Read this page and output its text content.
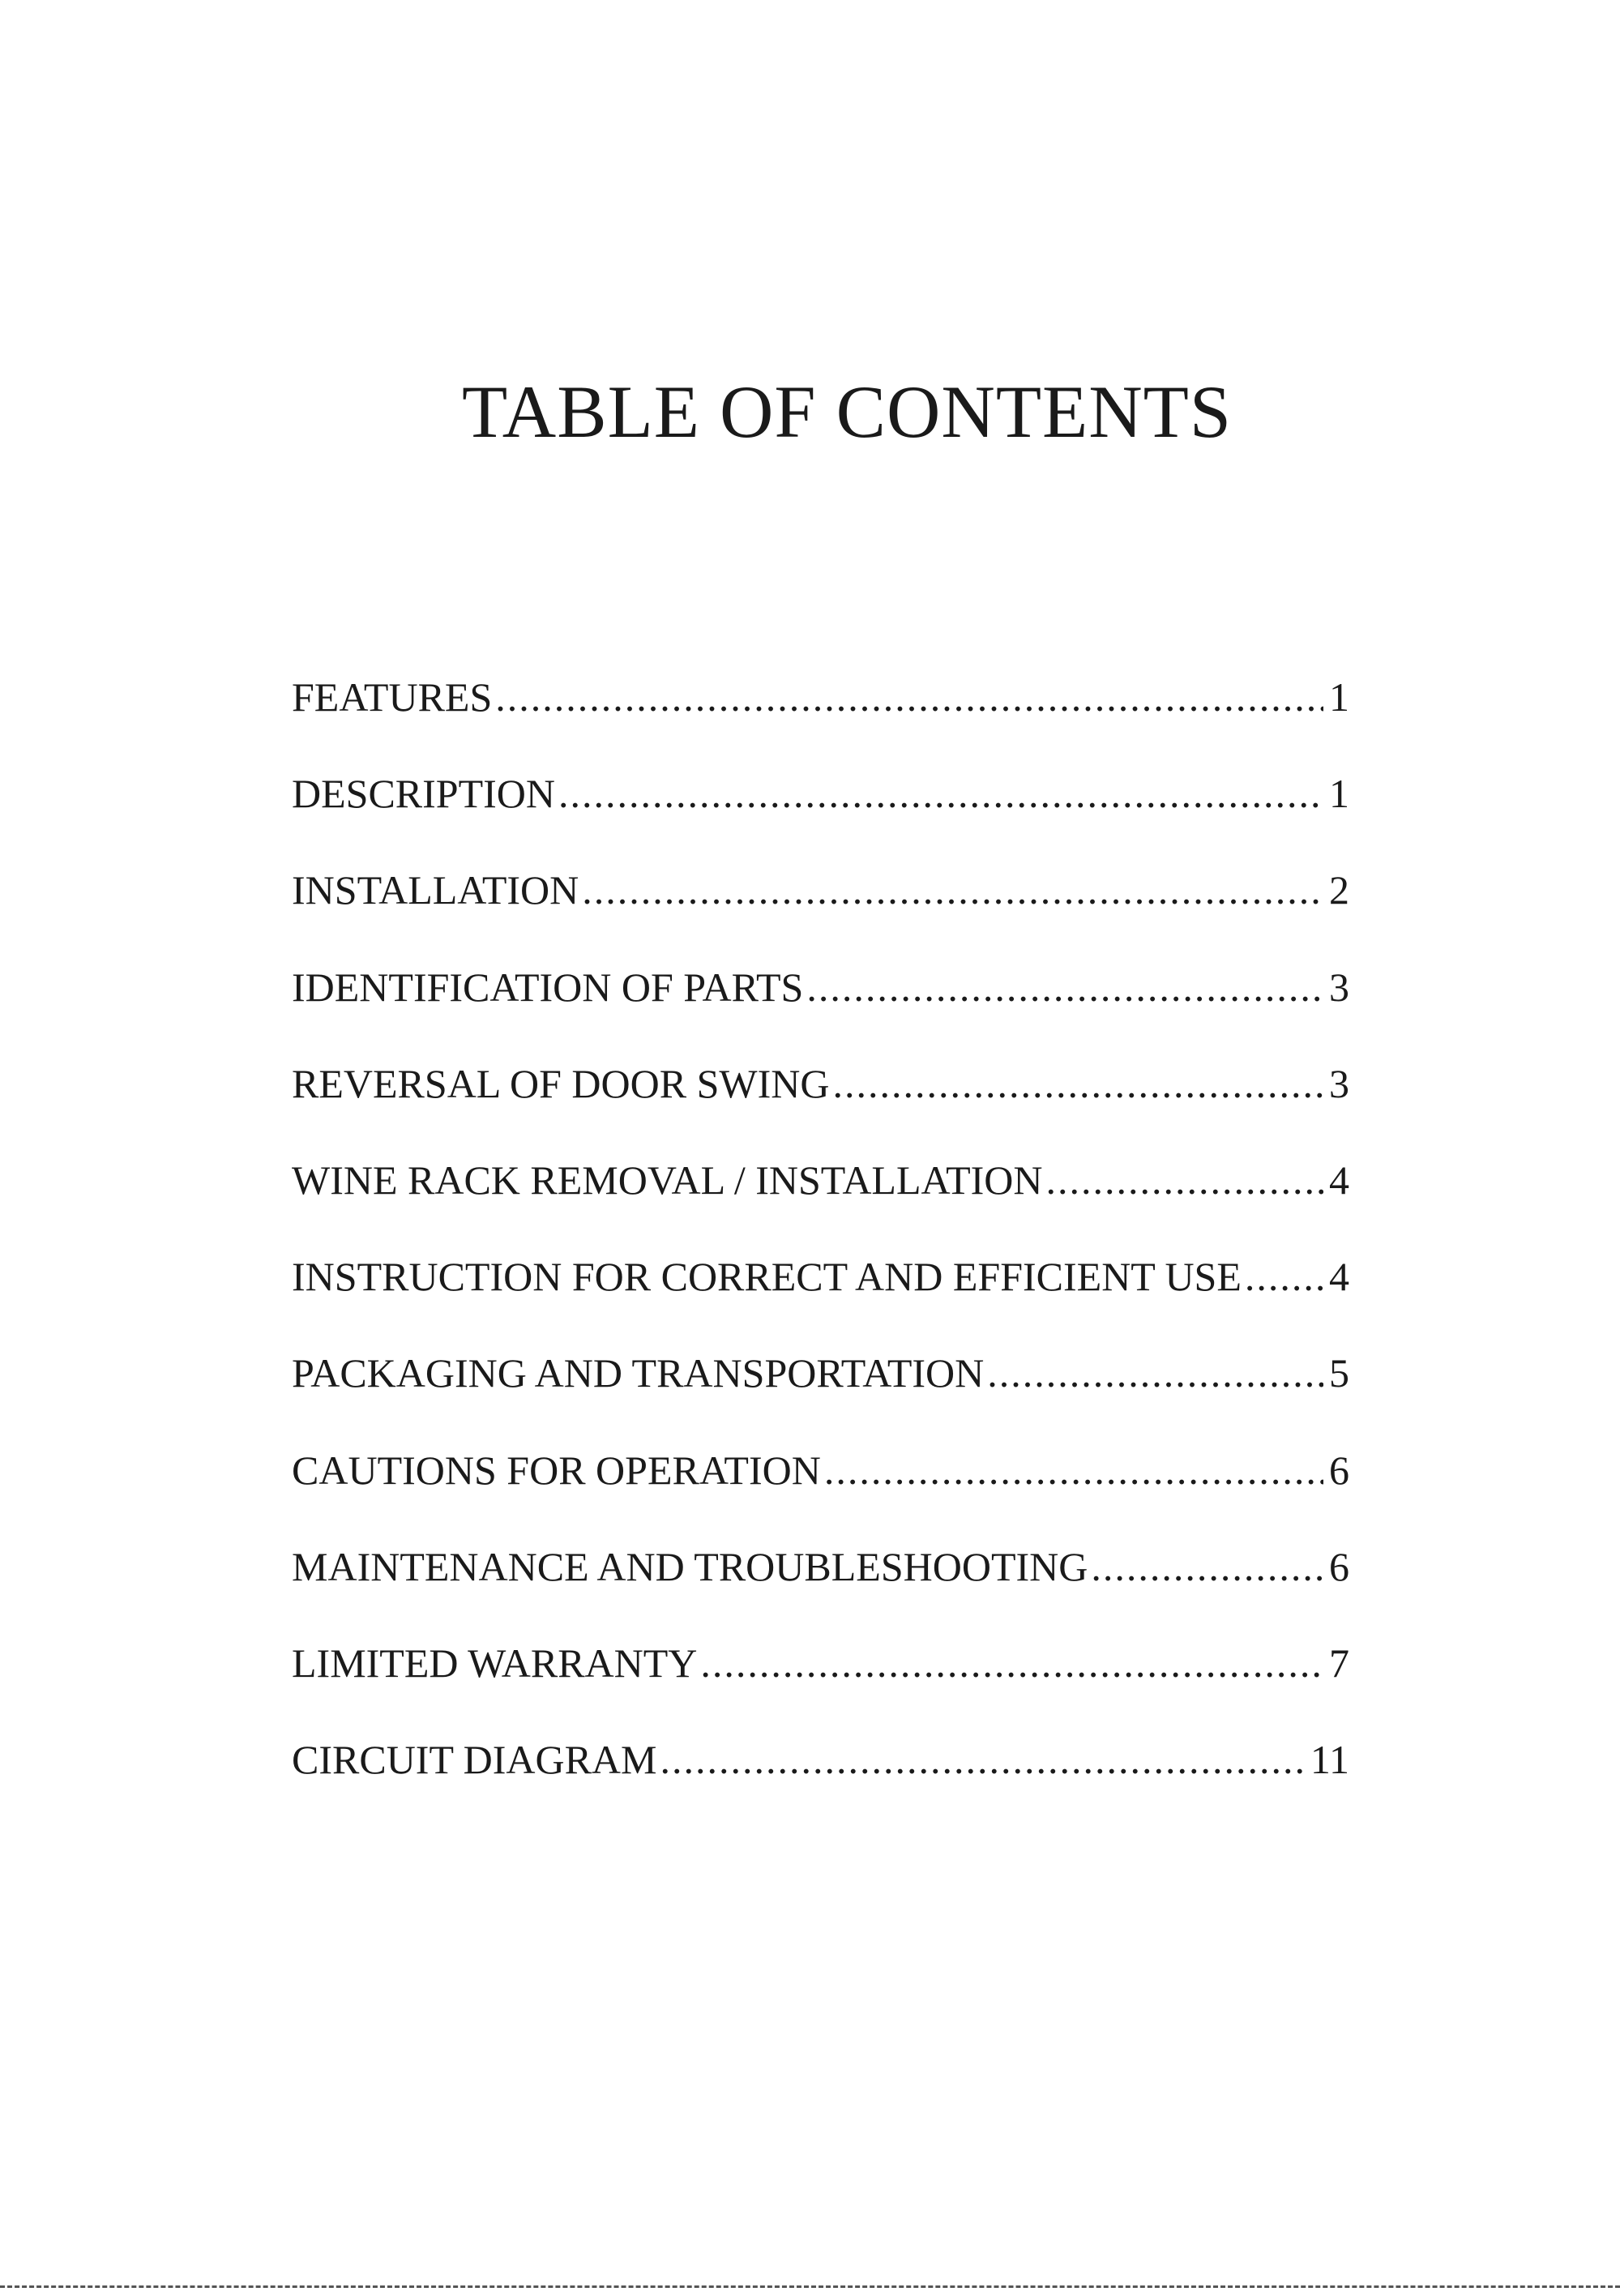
TABLE OF CONTENTS
FEATURES .....	1
DESCRIPTION .....	1
INSTALLATION .....	2
IDENTIFICATION OF PARTS .....	3
REVERSAL OF DOOR SWING .....	3
WINE RACK REMOVAL / INSTALLATION .....	4
INSTRUCTION FOR CORRECT AND EFFICIENT USE ..... 4
PACKAGING AND TRANSPORTATION .....	5
CAUTIONS FOR OPERATION .....	6
MAINTENANCE AND TROUBLESHOOTING .....	6
LIMITED WARRANTY .....	7
CIRCUIT DIAGRAM .....	11
